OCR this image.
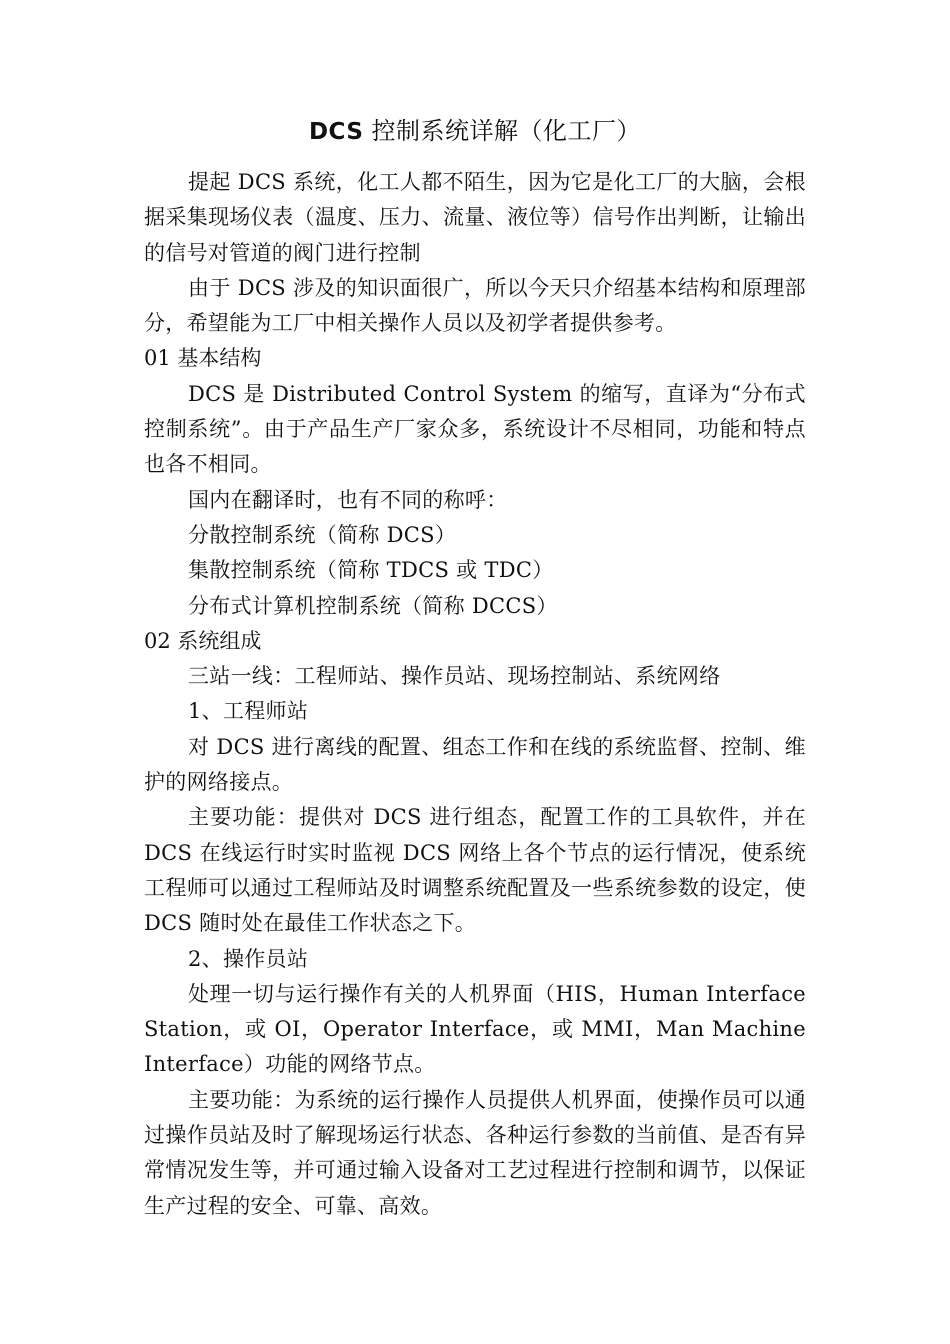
DCS 控制系统详解（化工厂）

提起 DCS 系统，化工人都不陌生，因为它是化工厂的大脑，会根据采集现场仪表（温度、压力、流量、液位等）信号作出判断，让输出的信号对管道的阀门进行控制

由于 DCS 涉及的知识面很广，所以今天只介绍基本结构和原理部分，希望能为工厂中相关操作人员以及初学者提供参考。

01 基本结构

DCS 是 Distributed Control System 的缩写，直译为“分布式控制系统”。由于产品生产厂家众多，系统设计不尽相同，功能和特点也各不相同。

国内在翻译时，也有不同的称呼：

分散控制系统（简称 DCS）

集散控制系统（简称 TDCS 或 TDC）

分布式计算机控制系统（简称 DCCS）

02 系统组成

三站一线：工程师站、操作员站、现场控制站、系统网络

1、工程师站

对 DCS 进行离线的配置、组态工作和在线的系统监督、控制、维护的网络接点。

主要功能：提供对 DCS 进行组态，配置工作的工具软件，并在 DCS 在线运行时实时监视 DCS 网络上各个节点的运行情况，使系统工程师可以通过工程师站及时调整系统配置及一些系统参数的设定，使 DCS 随时处在最佳工作状态之下。

2、操作员站

处理一切与运行操作有关的人机界面（HIS，Human Interface Station，或 OI，Operator Interface，或 MMI，Man Machine Interface）功能的网络节点。

主要功能：为系统的运行操作人员提供人机界面，使操作员可以通过操作员站及时了解现场运行状态、各种运行参数的当前值、是否有异常情况发生等，并可通过输入设备对工艺过程进行控制和调节，以保证生产过程的安全、可靠、高效。
